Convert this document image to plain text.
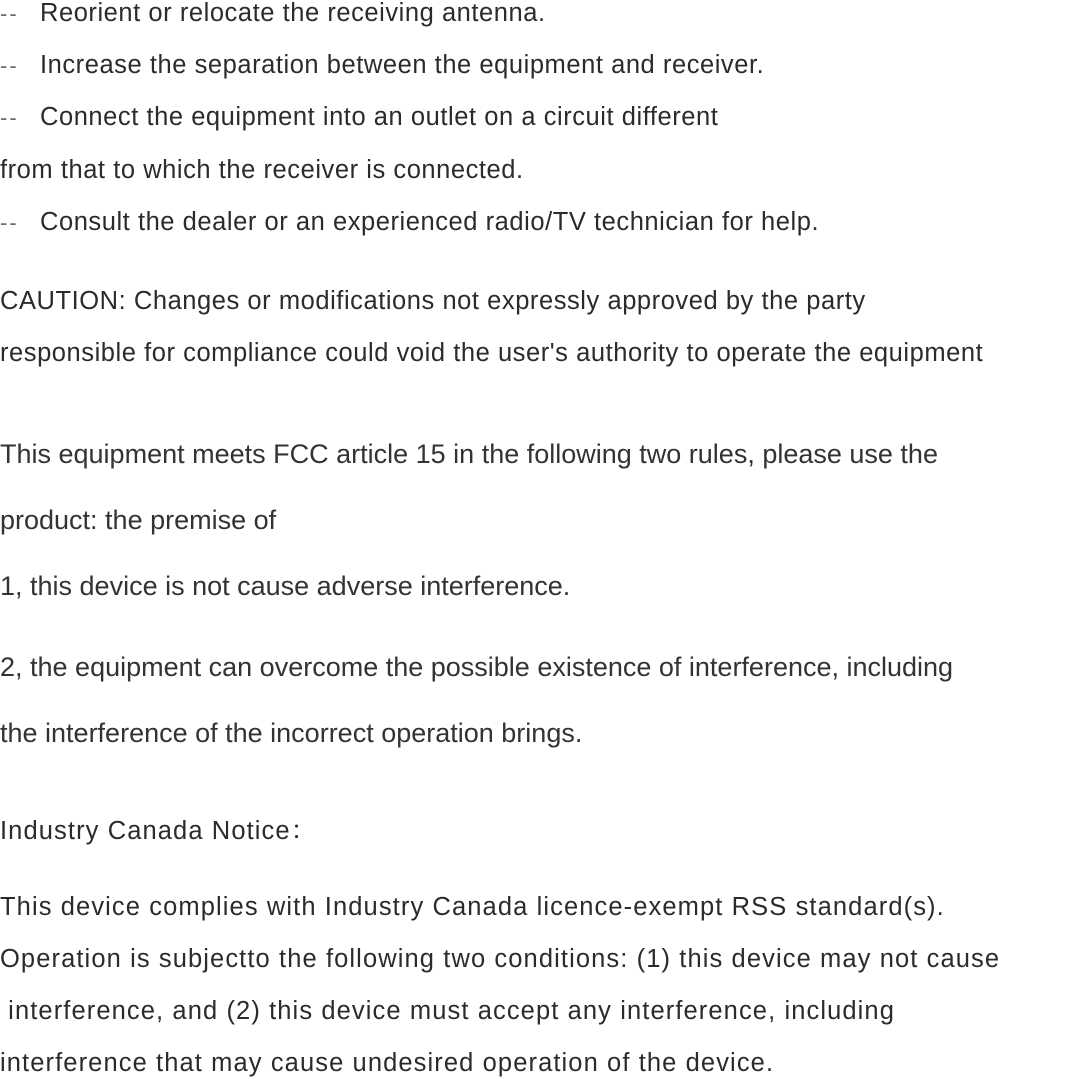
-- Reorient or relocate the receiving antenna.
-- Increase the separation between the equipment and receiver.
-- Connect the equipment into an outlet on a circuit different
from that to which the receiver is connected.
-- Consult the dealer or an experienced radio/TV technician for help.
CAUTION: Changes or modifications not expressly approved by the party
responsible for compliance could void the user's authority to operate the equipment
This equipment meets FCC article 15 in the following two rules, please use the
product: the premise of
1, this device is not cause adverse interference.
2, the equipment can overcome the possible existence of interference, including
the interference of the incorrect operation brings.
Industry Canada Notice：
This device complies with Industry Canada licence-exempt RSS standard(s).
Operation is subjectto the following two conditions: (1) this device may not cause
interference, and (2) this device must accept any interference, including
interference that may cause undesired operation of the device.
